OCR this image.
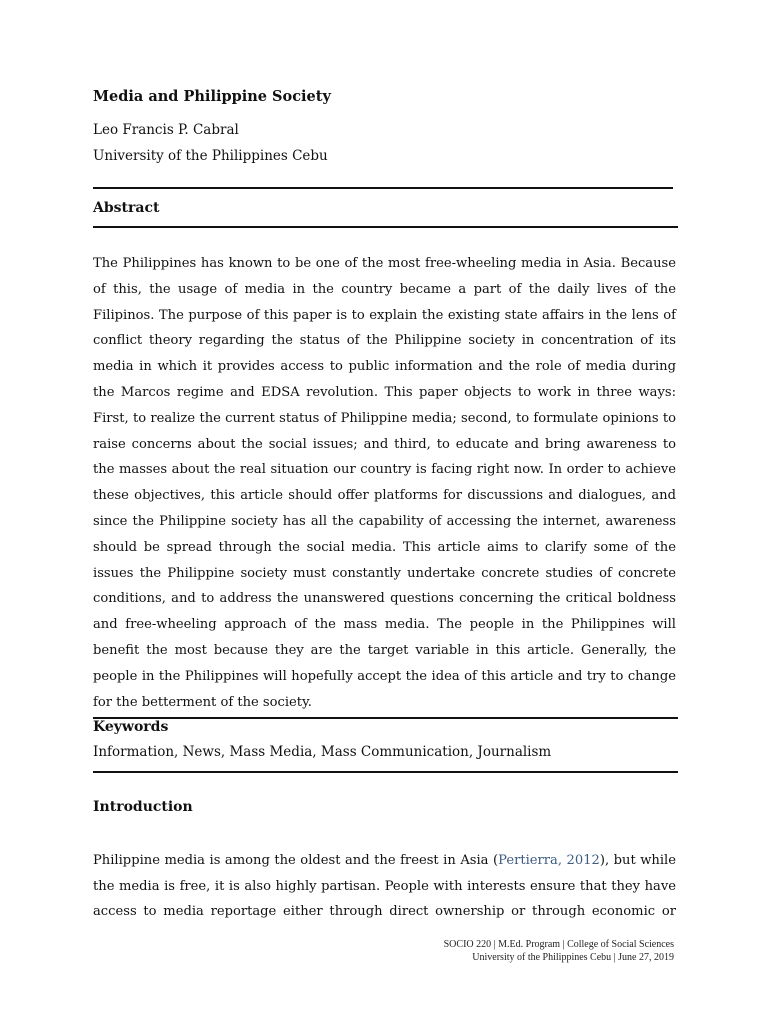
Media and Philippine Society
Leo Francis P. Cabral
University of the Philippines Cebu
Abstract
The Philippines has known to be one of the most free-wheeling media in Asia. Because of this, the usage of media in the country became a part of the daily lives of the Filipinos. The purpose of this paper is to explain the existing state affairs in the lens of conflict theory regarding the status of the Philippine society in concentration of its media in which it provides access to public information and the role of media during the Marcos regime and EDSA revolution. This paper objects to work in three ways: First, to realize the current status of Philippine media; second, to formulate opinions to raise concerns about the social issues; and third, to educate and bring awareness to the masses about the real situation our country is facing right now. In order to achieve these objectives, this article should offer platforms for discussions and dialogues, and since the Philippine society has all the capability of accessing the internet, awareness should be spread through the social media. This article aims to clarify some of the issues the Philippine society must constantly undertake concrete studies of concrete conditions, and to address the unanswered questions concerning the critical boldness and free-wheeling approach of the mass media. The people in the Philippines will benefit the most because they are the target variable in this article. Generally, the people in the Philippines will hopefully accept the idea of this article and try to change for the betterment of the society.
Keywords
Information, News, Mass Media, Mass Communication, Journalism
Introduction
Philippine media is among the oldest and the freest in Asia (Pertierra, 2012), but while the media is free, it is also highly partisan. People with interests ensure that they have access to media reportage either through direct ownership or through economic or
SOCIO 220 | M.Ed. Program | College of Social Sciences
University of the Philippines Cebu | June 27, 2019
